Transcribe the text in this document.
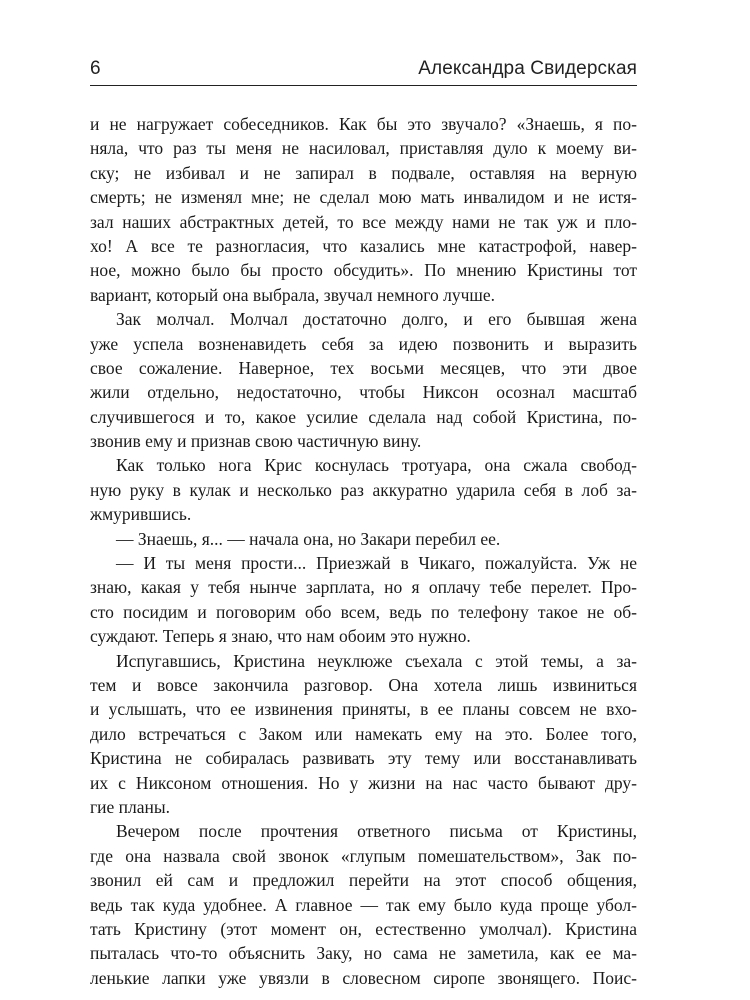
6	Александра Свидерская
и не нагружает собеседников. Как бы это звучало? «Знаешь, я по-
няла, что раз ты меня не насиловал, приставляя дуло к моему ви-
ску; не избивал и не запирал в подвале, оставляя на верную
смерть; не изменял мне; не сделал мою мать инвалидом и не истя-
зал наших абстрактных детей, то все между нами не так уж и пло-
хо! А все те разногласия, что казались мне катастрофой, навер-
ное, можно было бы просто обсудить». По мнению Кристины тот
вариант, который она выбрала, звучал немного лучше.
Зак молчал. Молчал достаточно долго, и его бывшая жена
уже успела возненавидеть себя за идею позвонить и выразить
свое сожаление. Наверное, тех восьми месяцев, что эти двое
жили отдельно, недостаточно, чтобы Никсон осознал масштаб
случившегося и то, какое усилие сделала над собой Кристина, по-
звонив ему и признав свою частичную вину.
Как только нога Крис коснулась тротуара, она сжала свобод-
ную руку в кулак и несколько раз аккуратно ударила себя в лоб за-
жмурившись.
— Знаешь, я... — начала она, но Закари перебил ее.
— И ты меня прости... Приезжай в Чикаго, пожалуйста. Уж не
знаю, какая у тебя нынче зарплата, но я оплачу тебе перелет. Про-
сто посидим и поговорим обо всем, ведь по телефону такое не об-
суждают. Теперь я знаю, что нам обоим это нужно.
Испугавшись, Кристина неуклюже съехала с этой темы, а за-
тем и вовсе закончила разговор. Она хотела лишь извиниться
и услышать, что ее извинения приняты, в ее планы совсем не вхо-
дило встречаться с Заком или намекать ему на это. Более того,
Кристина не собиралась развивать эту тему или восстанавливать
их с Никсоном отношения. Но у жизни на нас часто бывают дру-
гие планы.
Вечером после прочтения ответного письма от Кристины,
где она назвала свой звонок «глупым помешательством», Зак по-
звонил ей сам и предложил перейти на этот способ общения,
ведь так куда удобнее. А главное — так ему было куда проще убол-
тать Кристину (этот момент он, естественно умолчал). Кристина
пыталась что-то объяснить Заку, но сама не заметила, как ее ма-
ленькие лапки уже увязли в словесном сиропе звонящего. Поис-
